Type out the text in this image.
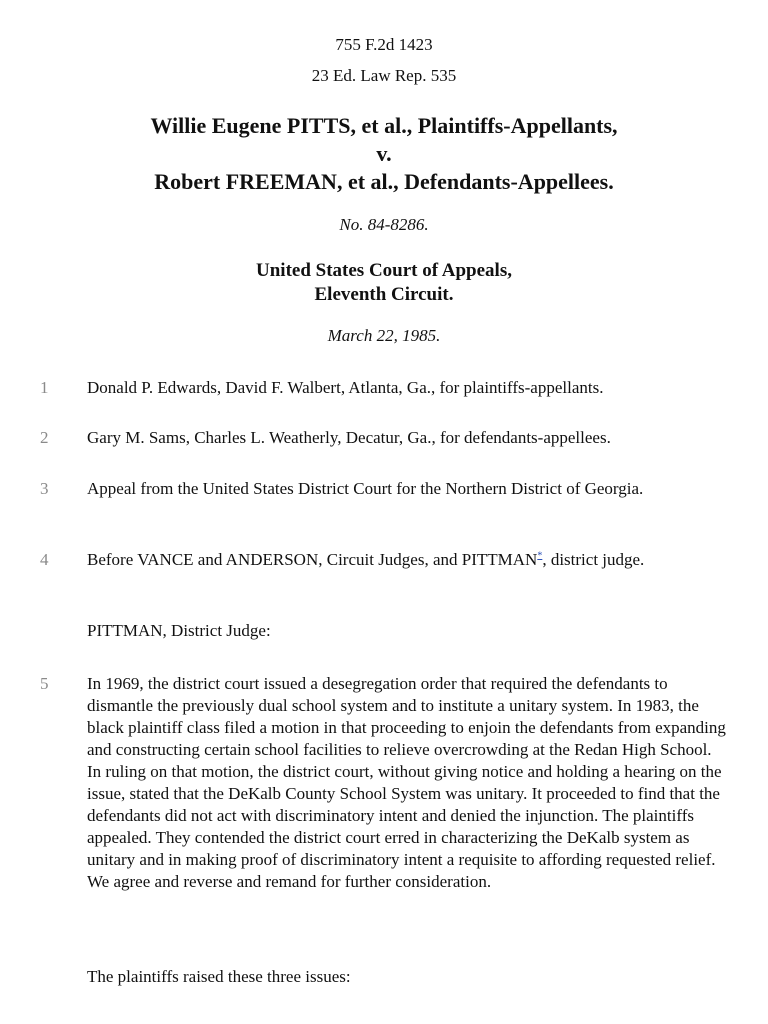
755 F.2d 1423
23 Ed. Law Rep. 535
Willie Eugene PITTS, et al., Plaintiffs-Appellants,
v.
Robert FREEMAN, et al., Defendants-Appellees.
No. 84-8286.
United States Court of Appeals,
Eleventh Circuit.
March 22, 1985.
1	Donald P. Edwards, David F. Walbert, Atlanta, Ga., for plaintiffs-appellants.
2	Gary M. Sams, Charles L. Weatherly, Decatur, Ga., for defendants-appellees.
3	Appeal from the United States District Court for the Northern District of Georgia.
4	Before VANCE and ANDERSON, Circuit Judges, and PITTMAN*, district judge.
PITTMAN, District Judge:
5	In 1969, the district court issued a desegregation order that required the defendants to dismantle the previously dual school system and to institute a unitary system. In 1983, the black plaintiff class filed a motion in that proceeding to enjoin the defendants from expanding and constructing certain school facilities to relieve overcrowding at the Redan High School. In ruling on that motion, the district court, without giving notice and holding a hearing on the issue, stated that the DeKalb County School System was unitary. It proceeded to find that the defendants did not act with discriminatory intent and denied the injunction. The plaintiffs appealed. They contended the district court erred in characterizing the DeKalb system as unitary and in making proof of discriminatory intent a requisite to affording requested relief. We agree and reverse and remand for further consideration.
The plaintiffs raised these three issues:
